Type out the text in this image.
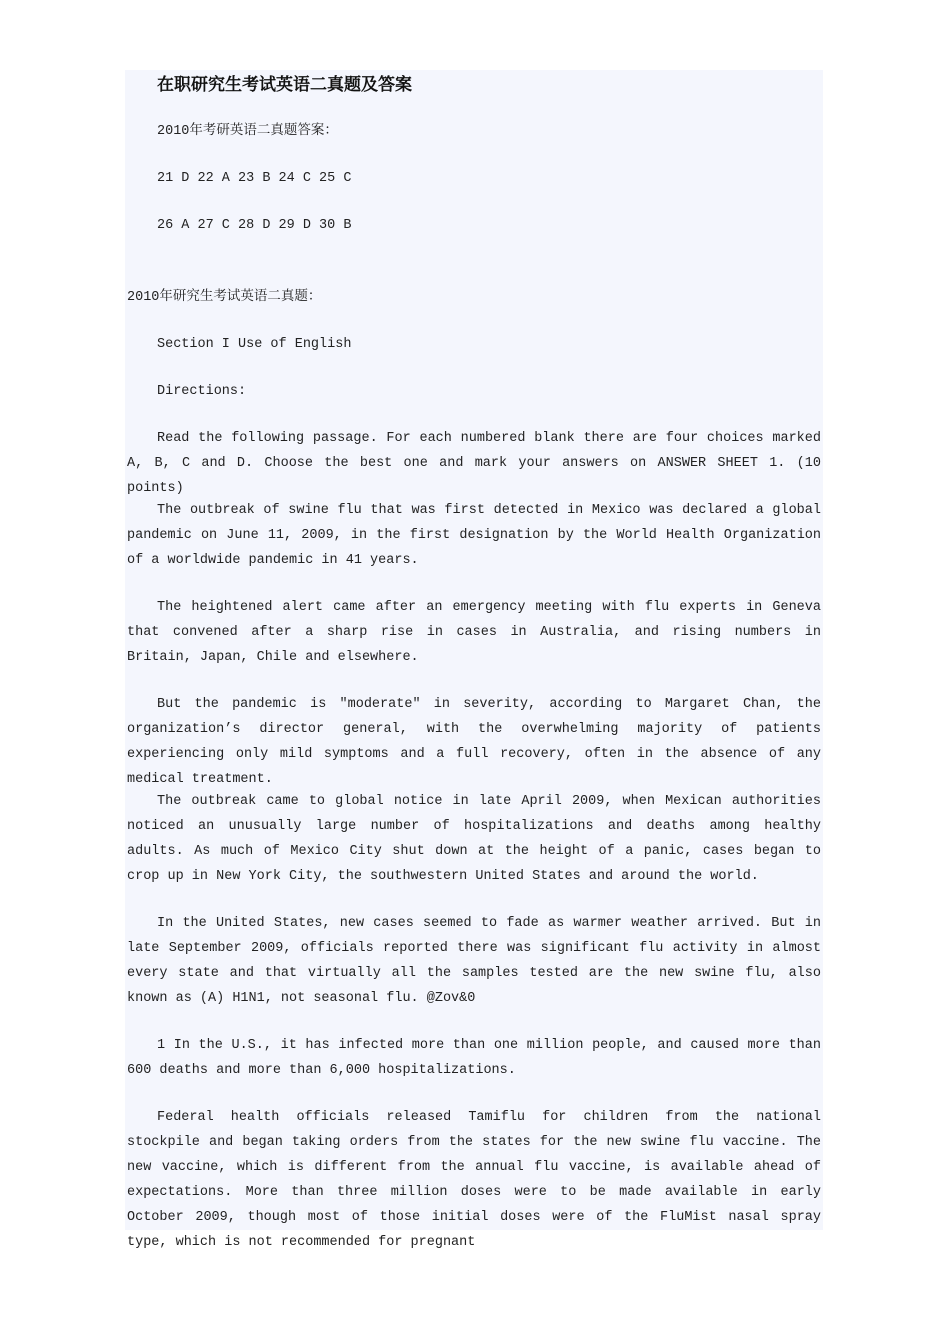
在职研究生考试英语二真题及答案

2010年考研英语二真题答案：

21 D 22 A 23 B 24 C 25 C

26 A 27 C 28 D 29 D 30 B

2010年研究生考试英语二真题：

Section I Use of English

Directions:

Read the following passage. For each numbered blank there are four choices marked A, B, C and D. Choose the best one and mark your answers on ANSWER SHEET 1. (10 points)

The outbreak of swine flu that was first detected in Mexico was declared a global pandemic on June 11, 2009, in the first designation by the World Health Organization of a worldwide pandemic in 41 years.

The heightened alert came after an emergency meeting with flu experts in Geneva that convened after a sharp rise in cases in Australia, and rising numbers in Britain, Japan, Chile and elsewhere.

But the pandemic is "moderate" in severity, according to Margaret Chan, the organization’s director general, with the overwhelming majority of patients experiencing only mild symptoms and a full recovery, often in the absence of any medical treatment.

The outbreak came to global notice in late April 2009, when Mexican authorities noticed an unusually large number of hospitalizations and deaths among healthy adults. As much of Mexico City shut down at the height of a panic, cases began to crop up in New York City, the southwestern United States and around the world.

In the United States, new cases seemed to fade as warmer weather arrived. But in late September 2009, officials reported there was significant flu activity in almost every state and that virtually all the samples tested are the new swine flu, also known as (A) H1N1, not seasonal flu. @Zov&0

1 In the U.S., it has infected more than one million people, and caused more than 600 deaths and more than 6,000 hospitalizations.

Federal health officials released Tamiflu for children from the national stockpile and began taking orders from the states for the new swine flu vaccine. The new vaccine, which is different from the annual flu vaccine, is available ahead of expectations. More than three million doses were to be made available in early October 2009, though most of those initial doses were of the FluMist nasal spray type, which is not recommended for pregnant
